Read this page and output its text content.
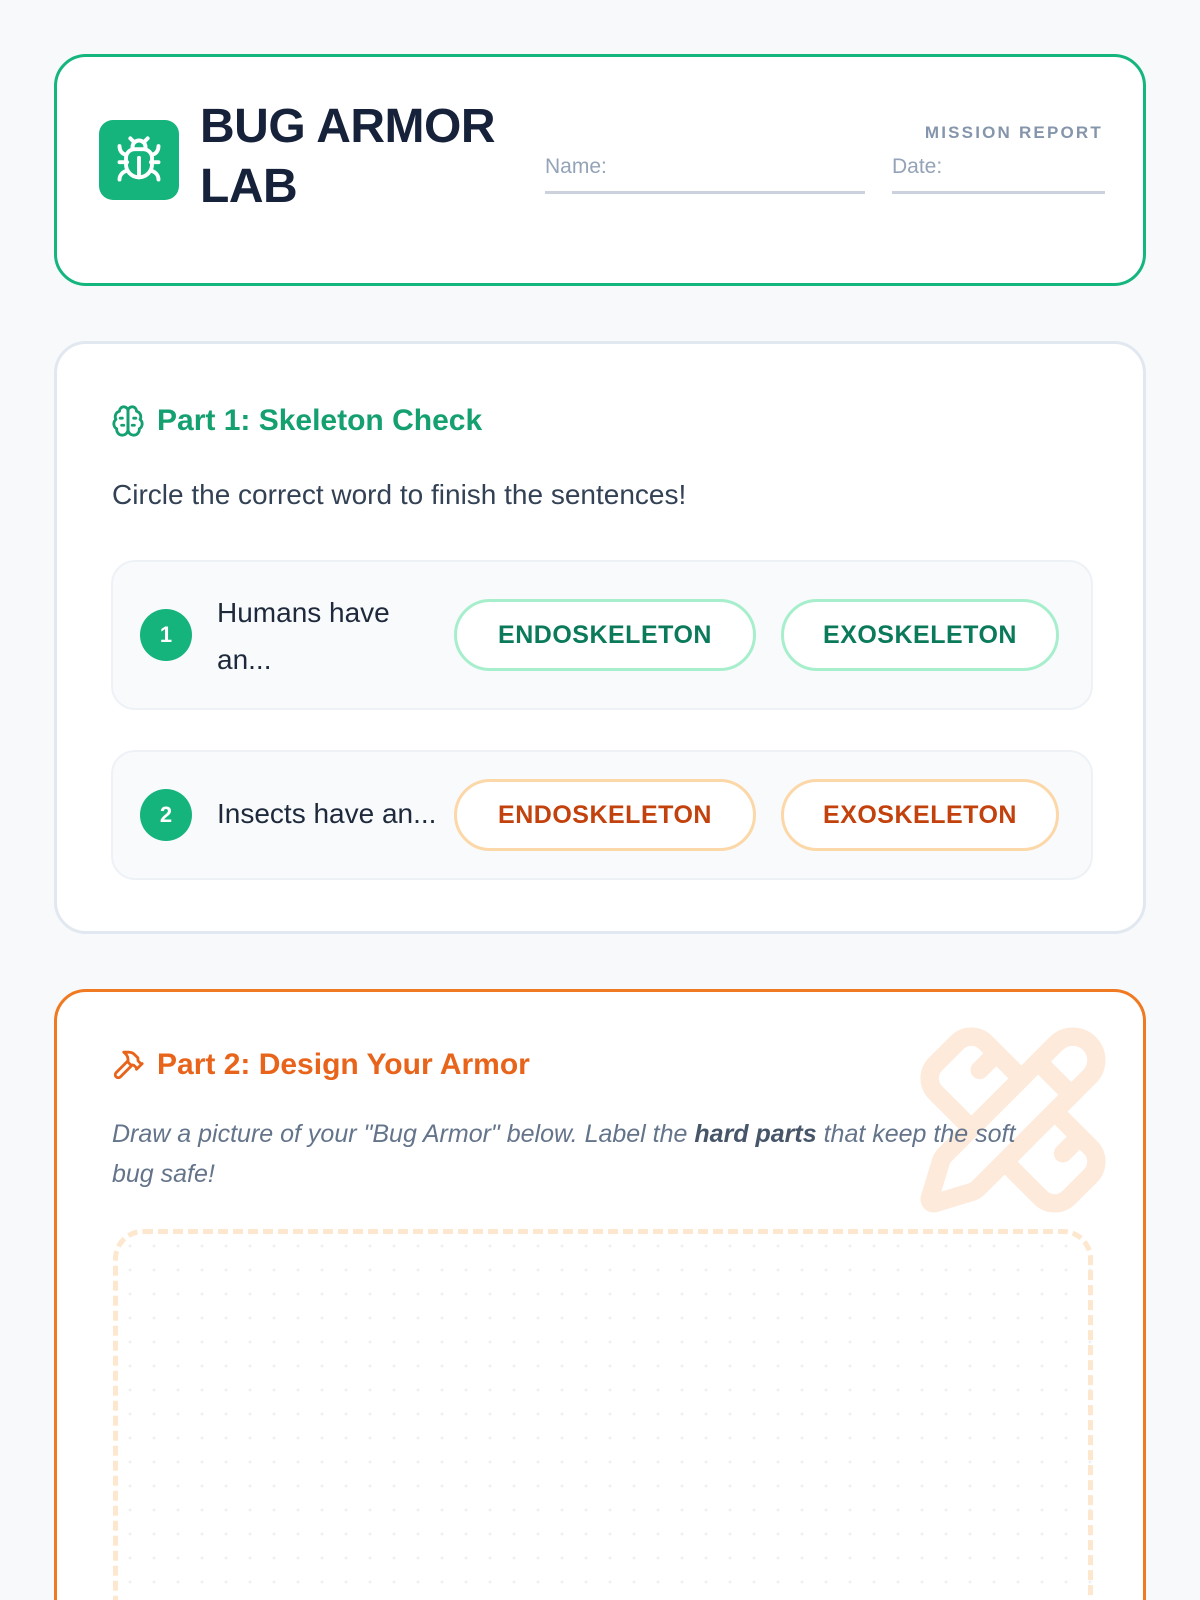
BUG ARMOR LAB	Name:
MISSION REPORT
Date:
Part 1: Skeleton Check
Circle the correct word to finish the sentences!
1
Humans have an...
ENDOSKELETON	EXOSKELETON
2	Insects have an...	ENDOSKELETON	EXOSKELETON
Part 2: Design Your Armor
Draw a picture of your "Bug Armor" below. Label the hard parts that keep the soft bug safe!
